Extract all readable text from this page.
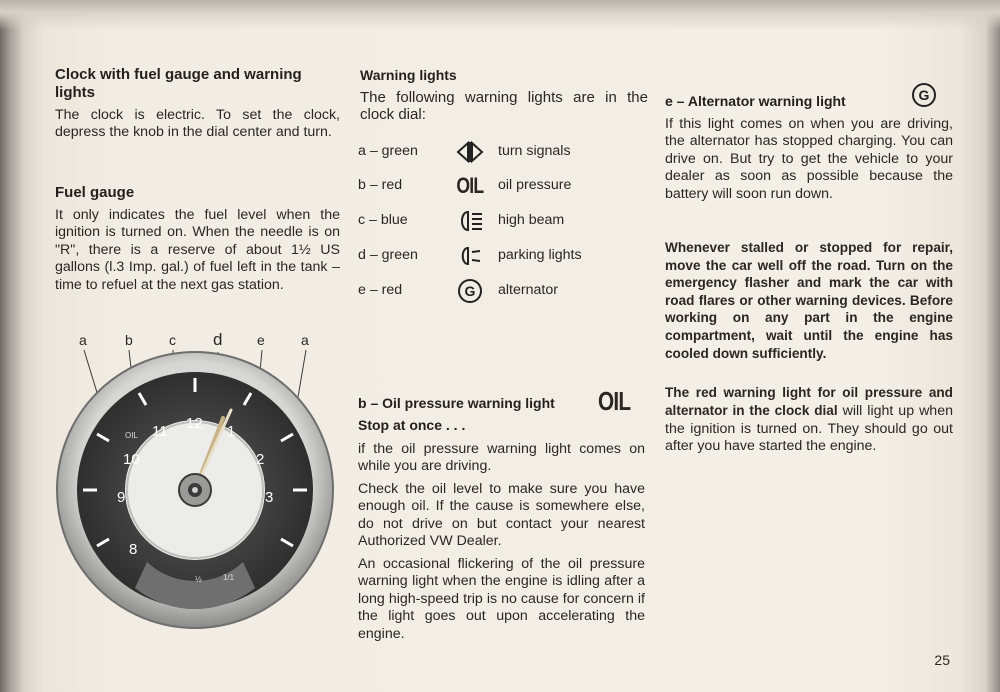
Clock with fuel gauge and warning lights

The clock is electric. To set the clock, depress the knob in the dial center and turn.

Fuel gauge

It only indicates the fuel level when the ignition is turned on. When the needle is on "R", there is a reserve of about 1½ US gallons (l.3 Imp. gal.) of fuel left in the tank – time to refuel at the next gas station.

a	b	c d e	a
8
9
10
11 12 1
2
3
OIL
½	1/1
Warning lights

The following warning lights are in the clock dial:

a – green	turn signals
b – red OIL oil pressure
c – blue	high beam
d – green	parking lights
e – red	G alternator
b – Oil pressure warning light OIL
Stop at once . . .

if the oil pressure warning light comes on while you are driving.

Check the oil level to make sure you have enough oil. If the cause is somewhere else, do not drive on but contact your nearest Authorized VW Dealer.

An occasional flickering of the oil pressure warning light when the engine is idling after a long high-speed trip is no cause for concern if the light goes out upon accelerating the engine.

e – Alternator warning light	G

If this light comes on when you are driving, the alternator has stopped charging. You can drive on. But try to get the vehicle to your dealer as soon as possible because the battery will soon run down.

Whenever stalled or stopped for repair, move the car well off the road. Turn on the emergency flasher and mark the car with road flares or other warning devices. Before working on any part in the engine compartment, wait until the engine has cooled down sufficiently.

The red warning light for oil pressure and alternator in the clock dial will light up when the ignition is turned on. They should go out after you have started the engine.

25
